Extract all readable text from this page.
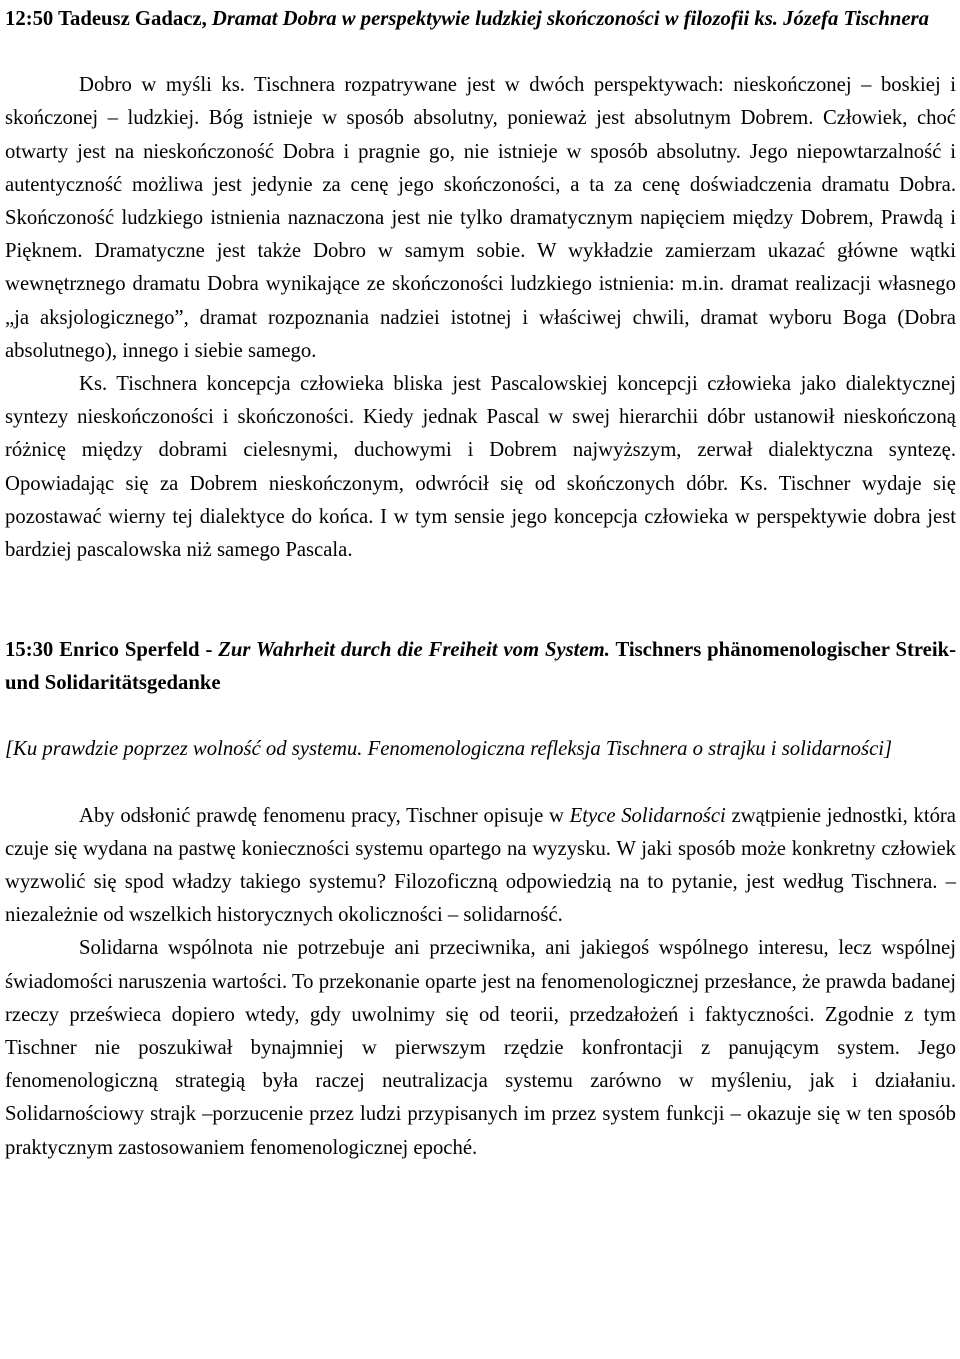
12:50 Tadeusz Gadacz, Dramat Dobra w perspektywie ludzkiej skończoności w filozofii ks. Józefa Tischnera

Dobro w myśli ks. Tischnera rozpatrywane jest w dwóch perspektywach: nieskończonej – boskiej i skończonej – ludzkiej. Bóg istnieje w sposób absolutny, ponieważ jest absolutnym Dobrem. Człowiek, choć otwarty jest na nieskończoność Dobra i pragnie go, nie istnieje w sposób absolutny. Jego niepowtarzalność i autentyczność możliwa jest jedynie za cenę jego skończoności, a ta za cenę doświadczenia dramatu Dobra. Skończoność ludzkiego istnienia naznaczona jest nie tylko dramatycznym napięciem między Dobrem, Prawdą i Pięknem. Dramatyczne jest także Dobro w samym sobie. W wykładzie zamierzam ukazać główne wątki wewnętrznego dramatu Dobra wynikające ze skończoności ludzkiego istnienia: m.in. dramat realizacji własnego „ja aksjologicznego”, dramat rozpoznania nadziei istotnej i właściwej chwili, dramat wyboru Boga (Dobra absolutnego), innego i siebie samego.

Ks. Tischnera koncepcja człowieka bliska jest Pascalowskiej koncepcji człowieka jako dialektycznej syntezy nieskończoności i skończoności. Kiedy jednak Pascal w swej hierarchii dóbr ustanowił nieskończoną różnicę między dobrami cielesnymi, duchowymi i Dobrem najwyższym, zerwał dialektyczna syntezę. Opowiadając się za Dobrem nieskończonym, odwrócił się od skończonych dóbr. Ks. Tischner wydaje się pozostawać wierny tej dialektyce do końca. I w tym sensie jego koncepcja człowieka w perspektywie dobra jest bardziej pascalowska niż samego Pascala.

15:30 Enrico Sperfeld - Zur Wahrheit durch die Freiheit vom System. Tischners phänomenologischer Streik- und Solidaritätsgedanke

[Ku prawdzie poprzez wolność od systemu. Fenomenologiczna refleksja Tischnera o strajku i solidarności]

Aby odsłonić prawdę fenomenu pracy, Tischner opisuje w Etyce Solidarności zwątpienie jednostki, która czuje się wydana na pastwę konieczności systemu opartego na wyzysku. W jaki sposób może konkretny człowiek wyzwolić się spod władzy takiego systemu? Filozoficzną odpowiedzią na to pytanie, jest według Tischnera. – niezależnie od wszelkich historycznych okoliczności – solidarność.

Solidarna wspólnota nie potrzebuje ani przeciwnika, ani jakiegoś wspólnego interesu, lecz wspólnej świadomości naruszenia wartości. To przekonanie oparte jest na fenomenologicznej przesłance, że prawda badanej rzeczy prześwieca dopiero wtedy, gdy uwolnimy się od teorii, przedzałożeń i faktyczności. Zgodnie z tym Tischner nie poszukiwał bynajmniej w pierwszym rzędzie konfrontacji z panującym system. Jego fenomenologiczną strategią była raczej neutralizacja systemu zarówno w myśleniu, jak i działaniu. Solidarnościowy strajk –porzucenie przez ludzi przypisanych im przez system funkcji – okazuje się w ten sposób praktycznym zastosowaniem fenomenologicznej epoché.
